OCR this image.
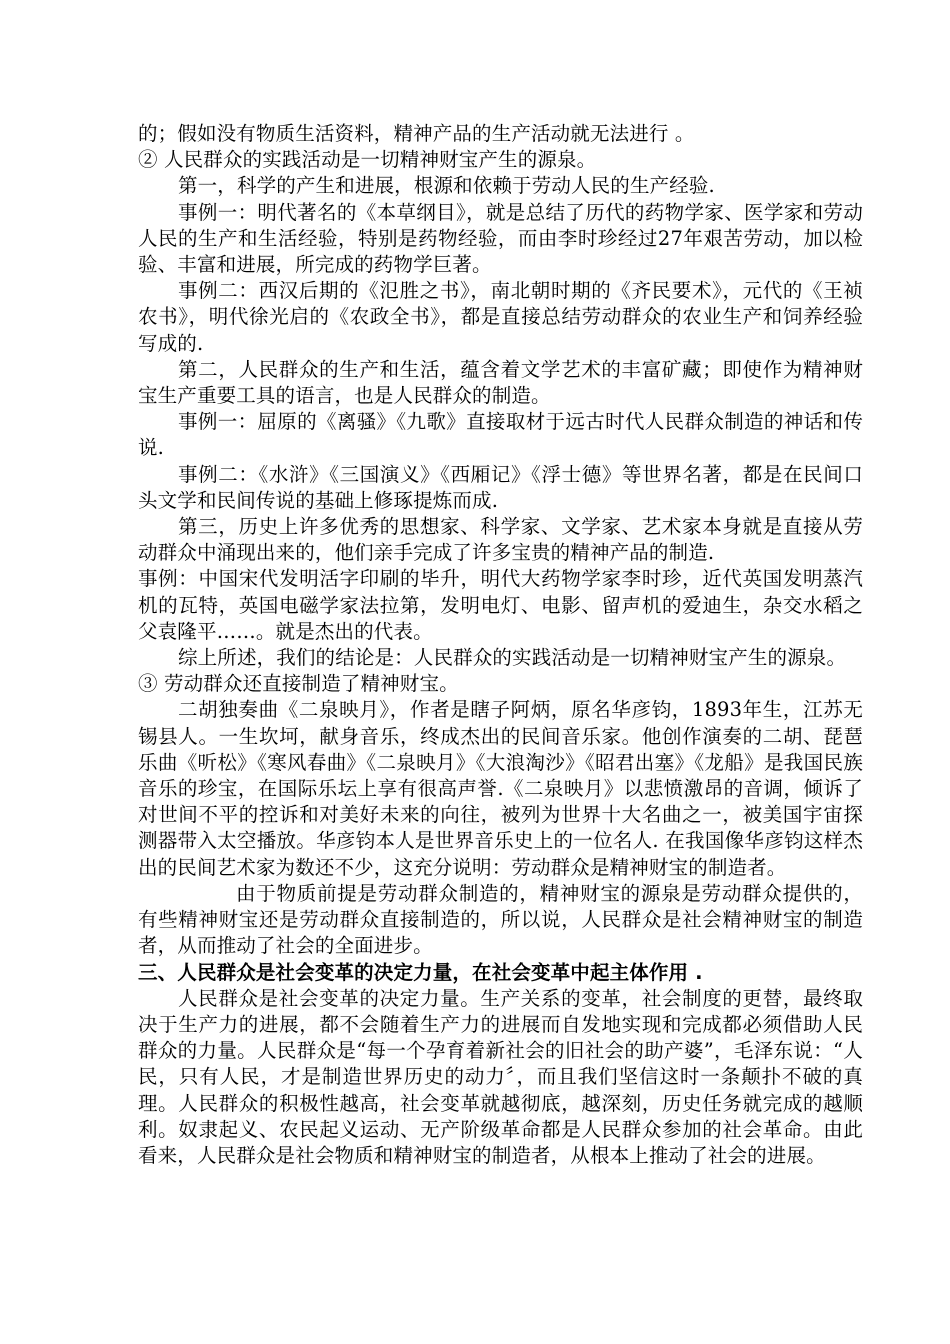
的；假如没有物质生活资料，精神产品的生产活动就无法进行 。

② 人民群众的实践活动是一切精神财宝产生的源泉。

第一，科学的产生和进展，根源和依赖于劳动人民的生产经验.

事例一：明代著名的《本草纲目》，就是总结了历代的药物学家、医学家和劳动人民的生产和生活经验，特别是药物经验，而由李时珍经过27年艰苦劳动，加以检验、丰富和进展，所完成的药物学巨著。

事例二：西汉后期的《氾胜之书》，南北朝时期的《齐民要术》，元代的《王祯农书》，明代徐光启的《农政全书》，都是直接总结劳动群众的农业生产和饲养经验写成的.

第二，人民群众的生产和生活，蕴含着文学艺术的丰富矿藏；即使作为精神财宝生产重要工具的语言，也是人民群众的制造。

事例一：屈原的《离骚》《九歌》直接取材于远古时代人民群众制造的神话和传说.

事例二：《水浒》《三国演义》《西厢记》《浮士德》等世界名著，都是在民间口头文学和民间传说的基础上修琢提炼而成.

第三，历史上许多优秀的思想家、科学家、文学家、艺术家本身就是直接从劳动群众中涌现出来的，他们亲手完成了许多宝贵的精神产品的制造.

事例：中国宋代发明活字印刷的毕升，明代大药物学家李时珍，近代英国发明蒸汽机的瓦特，英国电磁学家法拉第，发明电灯、电影、留声机的爱迪生，杂交水稻之父袁隆平……。就是杰出的代表。

综上所述，我们的结论是：人民群众的实践活动是一切精神财宝产生的源泉。

③ 劳动群众还直接制造了精神财宝。

二胡独奏曲《二泉映月》，作者是瞎子阿炳，原名华彦钧，1893年生，江苏无锡县人。一生坎坷，献身音乐，终成杰出的民间音乐家。他创作演奏的二胡、琵琶乐曲《听松》《寒风春曲》《二泉映月》《大浪淘沙》《昭君出塞》《龙船》是我国民族音乐的珍宝，在国际乐坛上享有很高声誉.《二泉映月》以悲愤激昂的音调，倾诉了对世间不平的控诉和对美好未来的向往，被列为世界十大名曲之一，被美国宇宙探测器带入太空播放。华彦钧本人是世界音乐史上的一位名人. 在我国像华彦钧这样杰出的民间艺术家为数还不少，这充分说明：劳动群众是精神财宝的制造者。

由于物质前提是劳动群众制造的，精神财宝的源泉是劳动群众提供的，有些精神财宝还是劳动群众直接制造的，所以说，人民群众是社会精神财宝的制造者，从而推动了社会的全面进步。

三、人民群众是社会变革的决定力量，在社会变革中起主体作用 .

人民群众是社会变革的决定力量。生产关系的变革，社会制度的更替，最终取决于生产力的进展，都不会随着生产力的进展而自发地实现和完成都必须借助人民群众的力量。人民群众是“每一个孕育着新社会的旧社会的助产婆”，毛泽东说：“人民，只有人民，才是制造世界历史的动力〞，而且我们坚信这时一条颠扑不破的真理。人民群众的积极性越高，社会变革就越彻底，越深刻，历史任务就完成的越顺利。奴隶起义、农民起义运动、无产阶级革命都是人民群众参加的社会革命。由此看来，人民群众是社会物质和精神财宝的制造者，从根本上推动了社会的进展。
